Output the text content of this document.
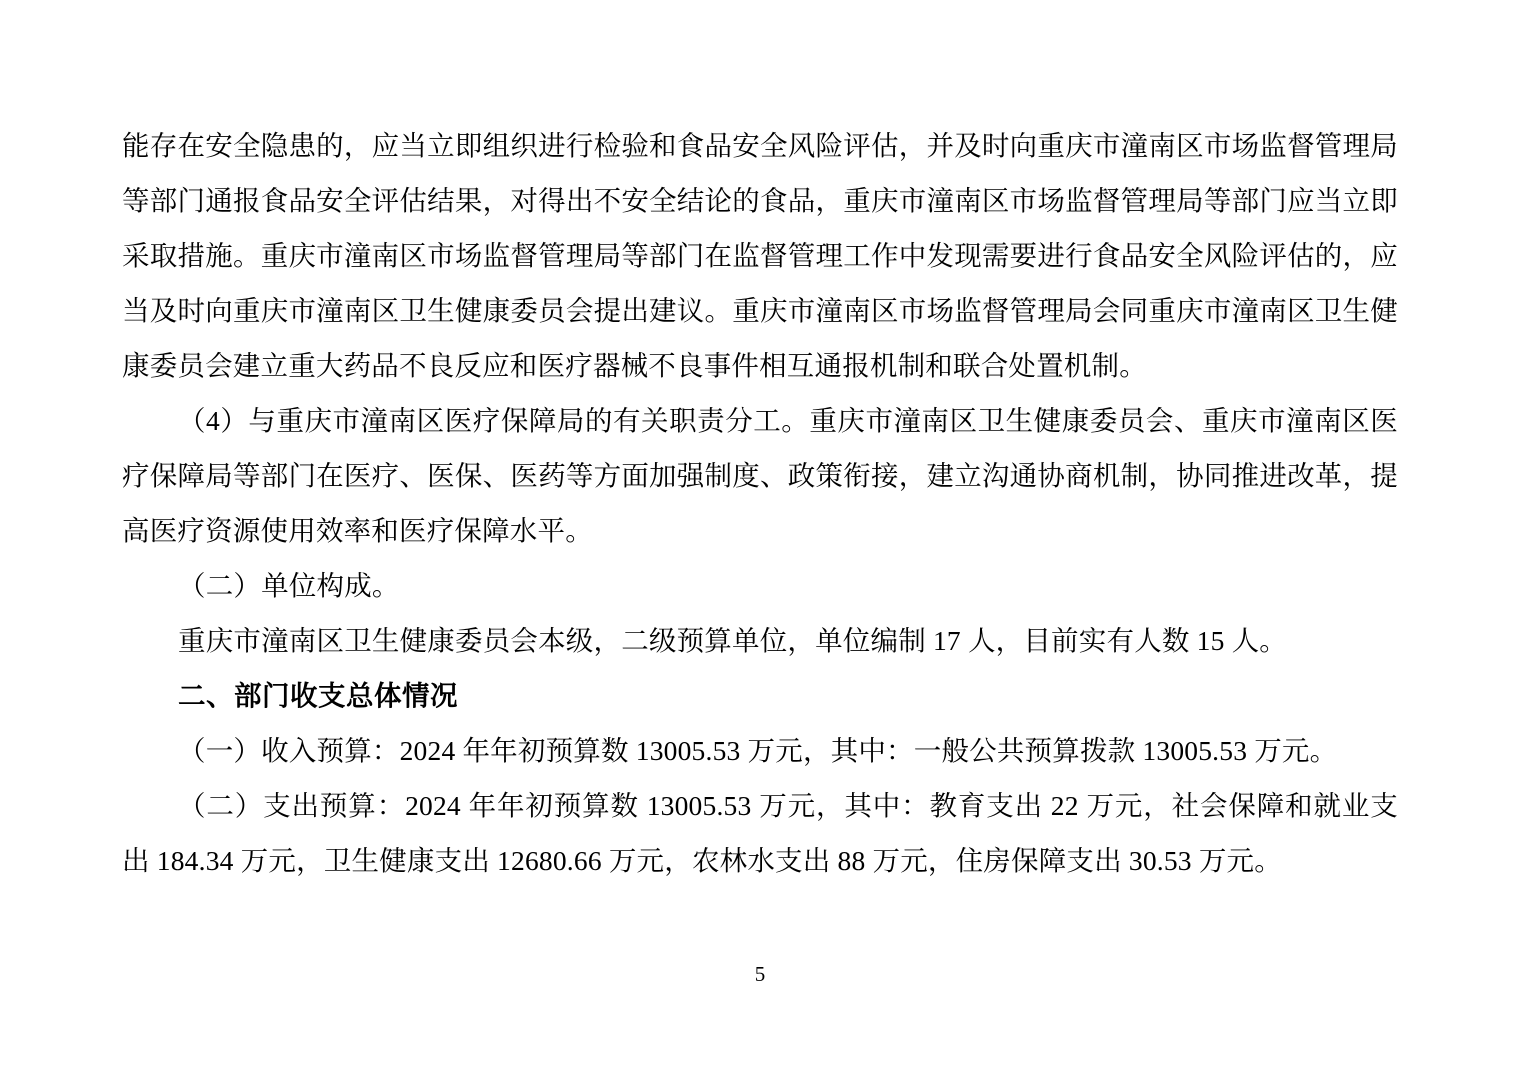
能存在安全隐患的，应当立即组织进行检验和食品安全风险评估，并及时向重庆市潼南区市场监督管理局等部门通报食品安全评估结果，对得出不安全结论的食品，重庆市潼南区市场监督管理局等部门应当立即采取措施。重庆市潼南区市场监督管理局等部门在监督管理工作中发现需要进行食品安全风险评估的，应当及时向重庆市潼南区卫生健康委员会提出建议。重庆市潼南区市场监督管理局会同重庆市潼南区卫生健康委员会建立重大药品不良反应和医疗器械不良事件相互通报机制和联合处置机制。

（4）与重庆市潼南区医疗保障局的有关职责分工。重庆市潼南区卫生健康委员会、重庆市潼南区医疗保障局等部门在医疗、医保、医药等方面加强制度、政策衔接，建立沟通协商机制，协同推进改革，提高医疗资源使用效率和医疗保障水平。

（二）单位构成。

重庆市潼南区卫生健康委员会本级，二级预算单位，单位编制 17 人，目前实有人数 15 人。

二、部门收支总体情况

（一）收入预算：2024 年年初预算数 13005.53 万元，其中：一般公共预算拨款 13005.53 万元。

（二）支出预算：2024 年年初预算数 13005.53 万元，其中：教育支出 22 万元，社会保障和就业支出 184.34 万元，卫生健康支出 12680.66 万元，农林水支出 88 万元，住房保障支出 30.53 万元。

5
